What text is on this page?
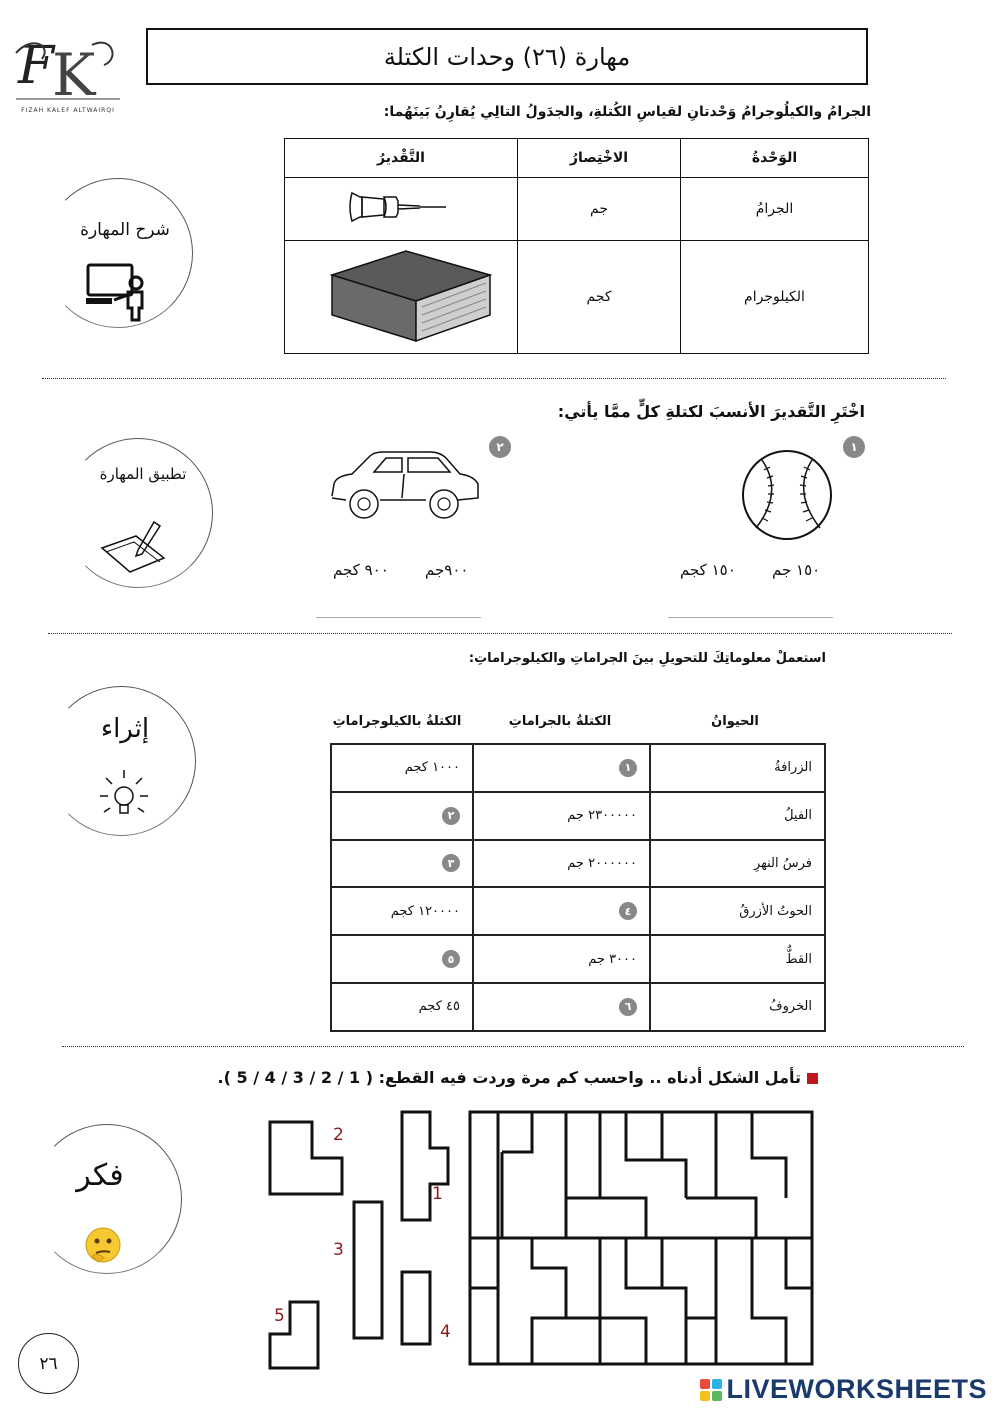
F
K
FIZAH KALEF ALTWAIRQI
مهارة (٢٦) وحدات الكتلة
شرح المهارة
الجرامُ والكيلُوجرامُ وَحْدتانِ لقياسِ الكُتلةِ، والجدَولُ التالِي يُقارِنُ بَينَهُما:
الوَحْدةُ	الاخْتِصارُ	التَّقْديرُ
الجرامُ	جم	
الكيلوجرام	كجم	
تطبيق المهارة
اخْتَرِ التَّقديرَ الأنسبَ لكتلةِ كلٍّ ممَّا يأتي:
١
٢
١٥٠ جم
١٥٠ كجم
٩٠٠جم
٩٠٠ كجم
إثراء
استعملْ معلوماتِكَ للتحويلِ بينَ الجراماتِ والكيلوجراماتِ:
الحيوانُ
الكتلةُ بالجراماتِ
الكتلةُ بالكيلوجراماتِ
الزرافةُ	١	١٠٠٠ كجم
الفيلُ	٢٣٠٠٠٠٠ جم	٢
فرسُ النهرِ	٢٠٠٠٠٠٠ جم	٣
الحوتُ الأزرقُ	٤	١٢٠٠٠٠ كجم
القطُّ	٣٠٠٠ جم	٥
الخروفُ	٦	٤٥ كجم
فكر
تأمل الشكل أدناه .. واحسب كم مرة وردت فيه القطع: ( 1 / 2 / 3 / 4 / 5 ).
2
1
3
4
5
٢٦
LIVEWORKSHEETS
